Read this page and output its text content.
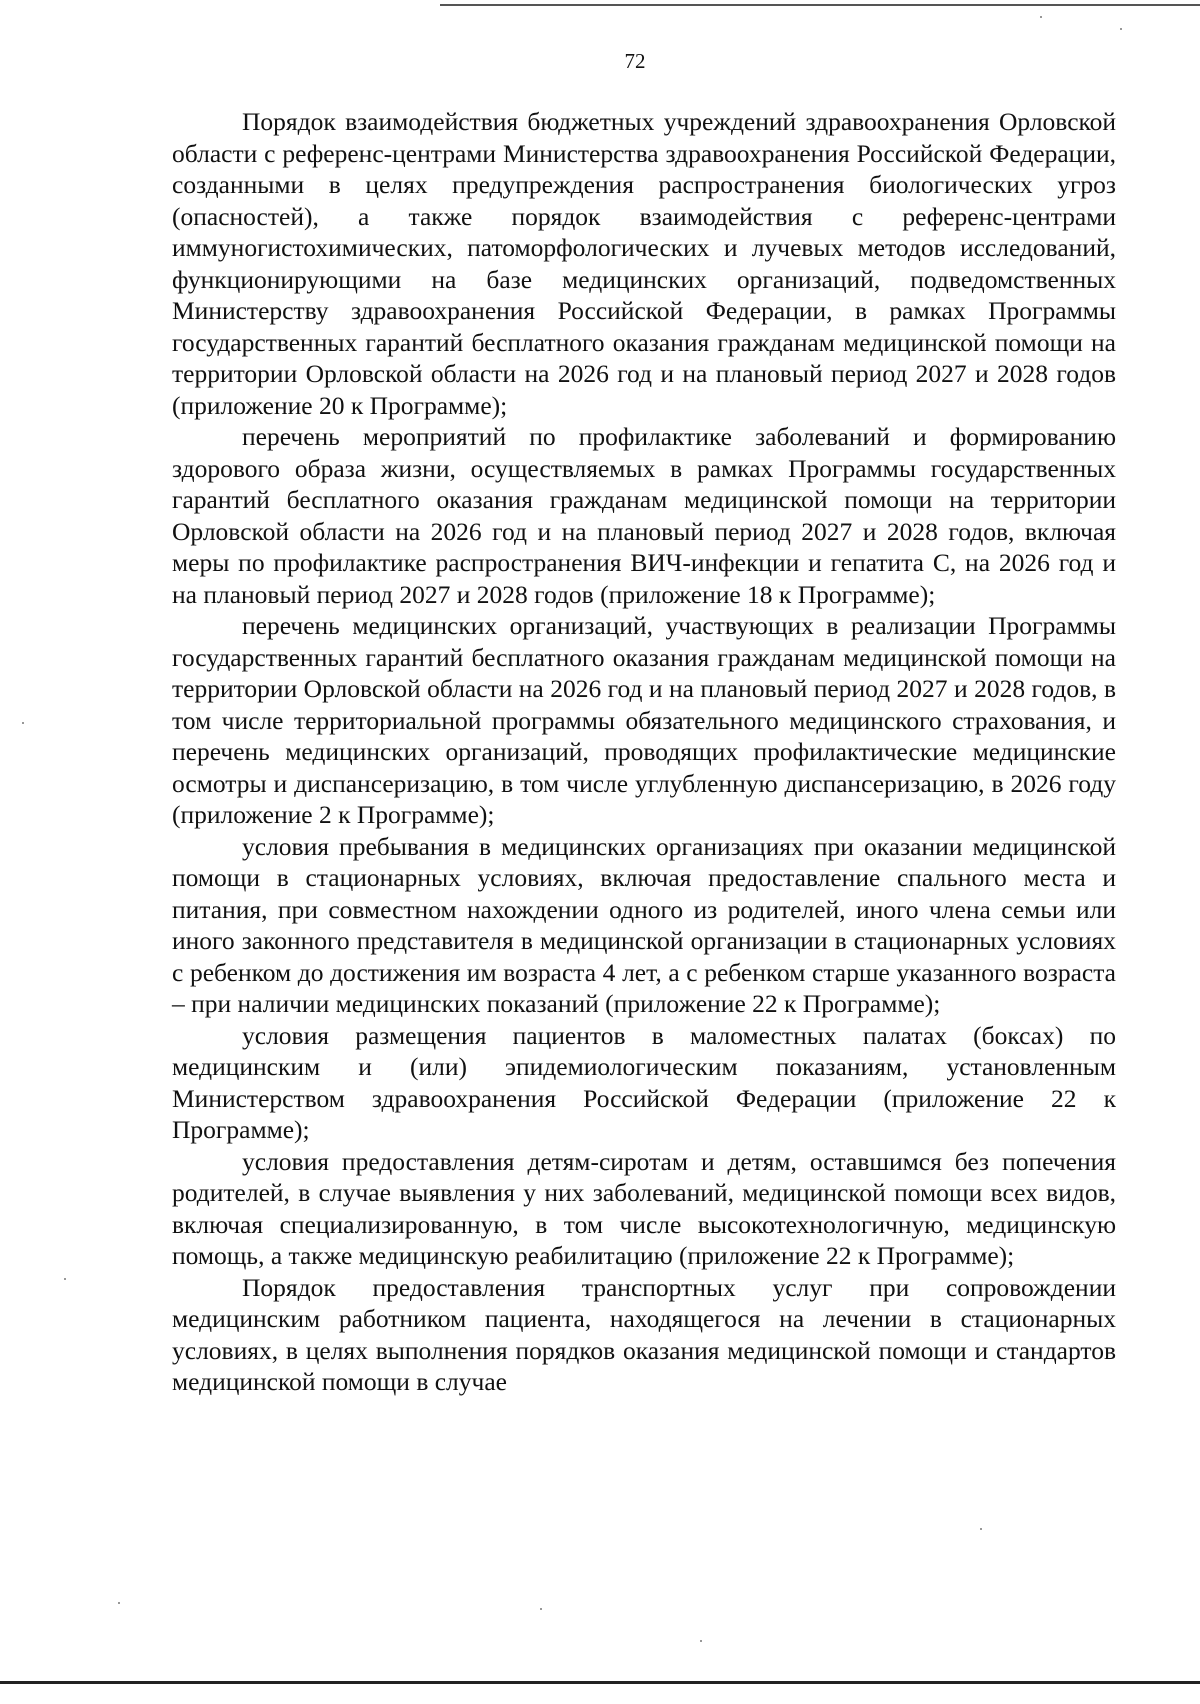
72

Порядок взаимодействия бюджетных учреждений здравоохранения Орловской области с референс-центрами Министерства здравоохранения Российской Федерации, созданными в целях предупреждения распространения биологических угроз (опасностей), а также порядок взаимодействия с референс-центрами иммуногистохимических, патоморфологических и лучевых методов исследований, функционирующими на базе медицинских организаций, подведомственных Министерству здравоохранения Российской Федерации, в рамках Программы государственных гарантий бесплатного оказания гражданам медицинской помощи на территории Орловской области на 2026 год и на плановый период 2027 и 2028 годов (приложение 20 к Программе);

перечень мероприятий по профилактике заболеваний и формированию здорового образа жизни, осуществляемых в рамках Программы государственных гарантий бесплатного оказания гражданам медицинской помощи на территории Орловской области на 2026 год и на плановый период 2027 и 2028 годов, включая меры по профилактике распространения ВИЧ-инфекции и гепатита С, на 2026 год и на плановый период 2027 и 2028 годов (приложение 18 к Программе);

перечень медицинских организаций, участвующих в реализации Программы государственных гарантий бесплатного оказания гражданам медицинской помощи на территории Орловской области на 2026 год и на плановый период 2027 и 2028 годов, в том числе территориальной программы обязательного медицинского страхования, и перечень медицинских организаций, проводящих профилактические медицинские осмотры и диспансеризацию, в том числе углубленную диспансеризацию, в 2026 году (приложение 2 к Программе);

условия пребывания в медицинских организациях при оказании медицинской помощи в стационарных условиях, включая предоставление спального места и питания, при совместном нахождении одного из родителей, иного члена семьи или иного законного представителя в медицинской организации в стационарных условиях с ребенком до достижения им возраста 4 лет, а с ребенком старше указанного возраста – при наличии медицинских показаний (приложение 22 к Программе);

условия размещения пациентов в маломестных палатах (боксах) по медицинским и (или) эпидемиологическим показаниям, установленным Министерством здравоохранения Российской Федерации (приложение 22 к Программе);

условия предоставления детям-сиротам и детям, оставшимся без попечения родителей, в случае выявления у них заболеваний, медицинской помощи всех видов, включая специализированную, в том числе высокотехнологичную, медицинскую помощь, а также медицинскую реабилитацию (приложение 22 к Программе);

Порядок предоставления транспортных услуг при сопровождении медицинским работником пациента, находящегося на лечении в стационарных условиях, в целях выполнения порядков оказания медицинской помощи и стандартов медицинской помощи в случае
